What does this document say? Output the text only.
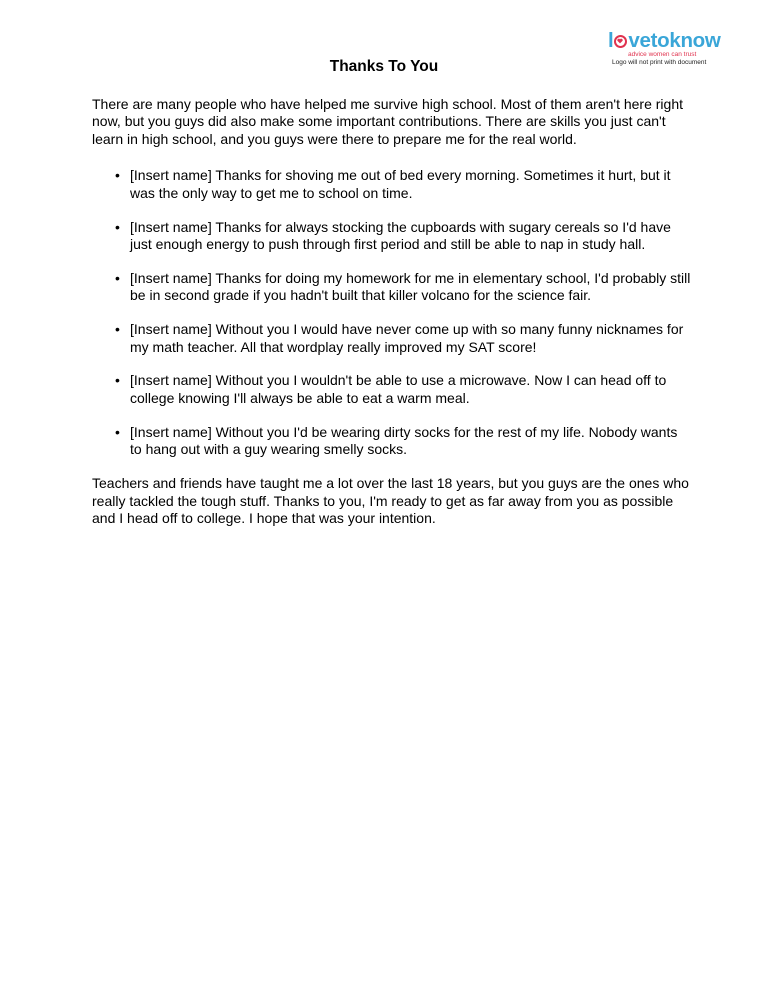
l vetoknow
advice women can trust
Logo will not print with document
Thanks To You

There are many people who have helped me survive high school. Most of them aren't here right now, but you guys did also make some important contributions. There are skills you just can't learn in high school, and you guys were there to prepare me for the real world.

• [Insert name] Thanks for shoving me out of bed every morning. Sometimes it hurt, but it was the only way to get me to school on time.
• [Insert name] Thanks for always stocking the cupboards with sugary cereals so I'd have just enough energy to push through first period and still be able to nap in study hall.
• [Insert name] Thanks for doing my homework for me in elementary school, I'd probably still be in second grade if you hadn't built that killer volcano for the science fair.
• [Insert name] Without you I would have never come up with so many funny nicknames for my math teacher. All that wordplay really improved my SAT score!
• [Insert name] Without you I wouldn't be able to use a microwave. Now I can head off to college knowing I'll always be able to eat a warm meal.
• [Insert name] Without you I'd be wearing dirty socks for the rest of my life. Nobody wants to hang out with a guy wearing smelly socks.

Teachers and friends have taught me a lot over the last 18 years, but you guys are the ones who really tackled the tough stuff. Thanks to you, I'm ready to get as far away from you as possible and I head off to college. I hope that was your intention.
